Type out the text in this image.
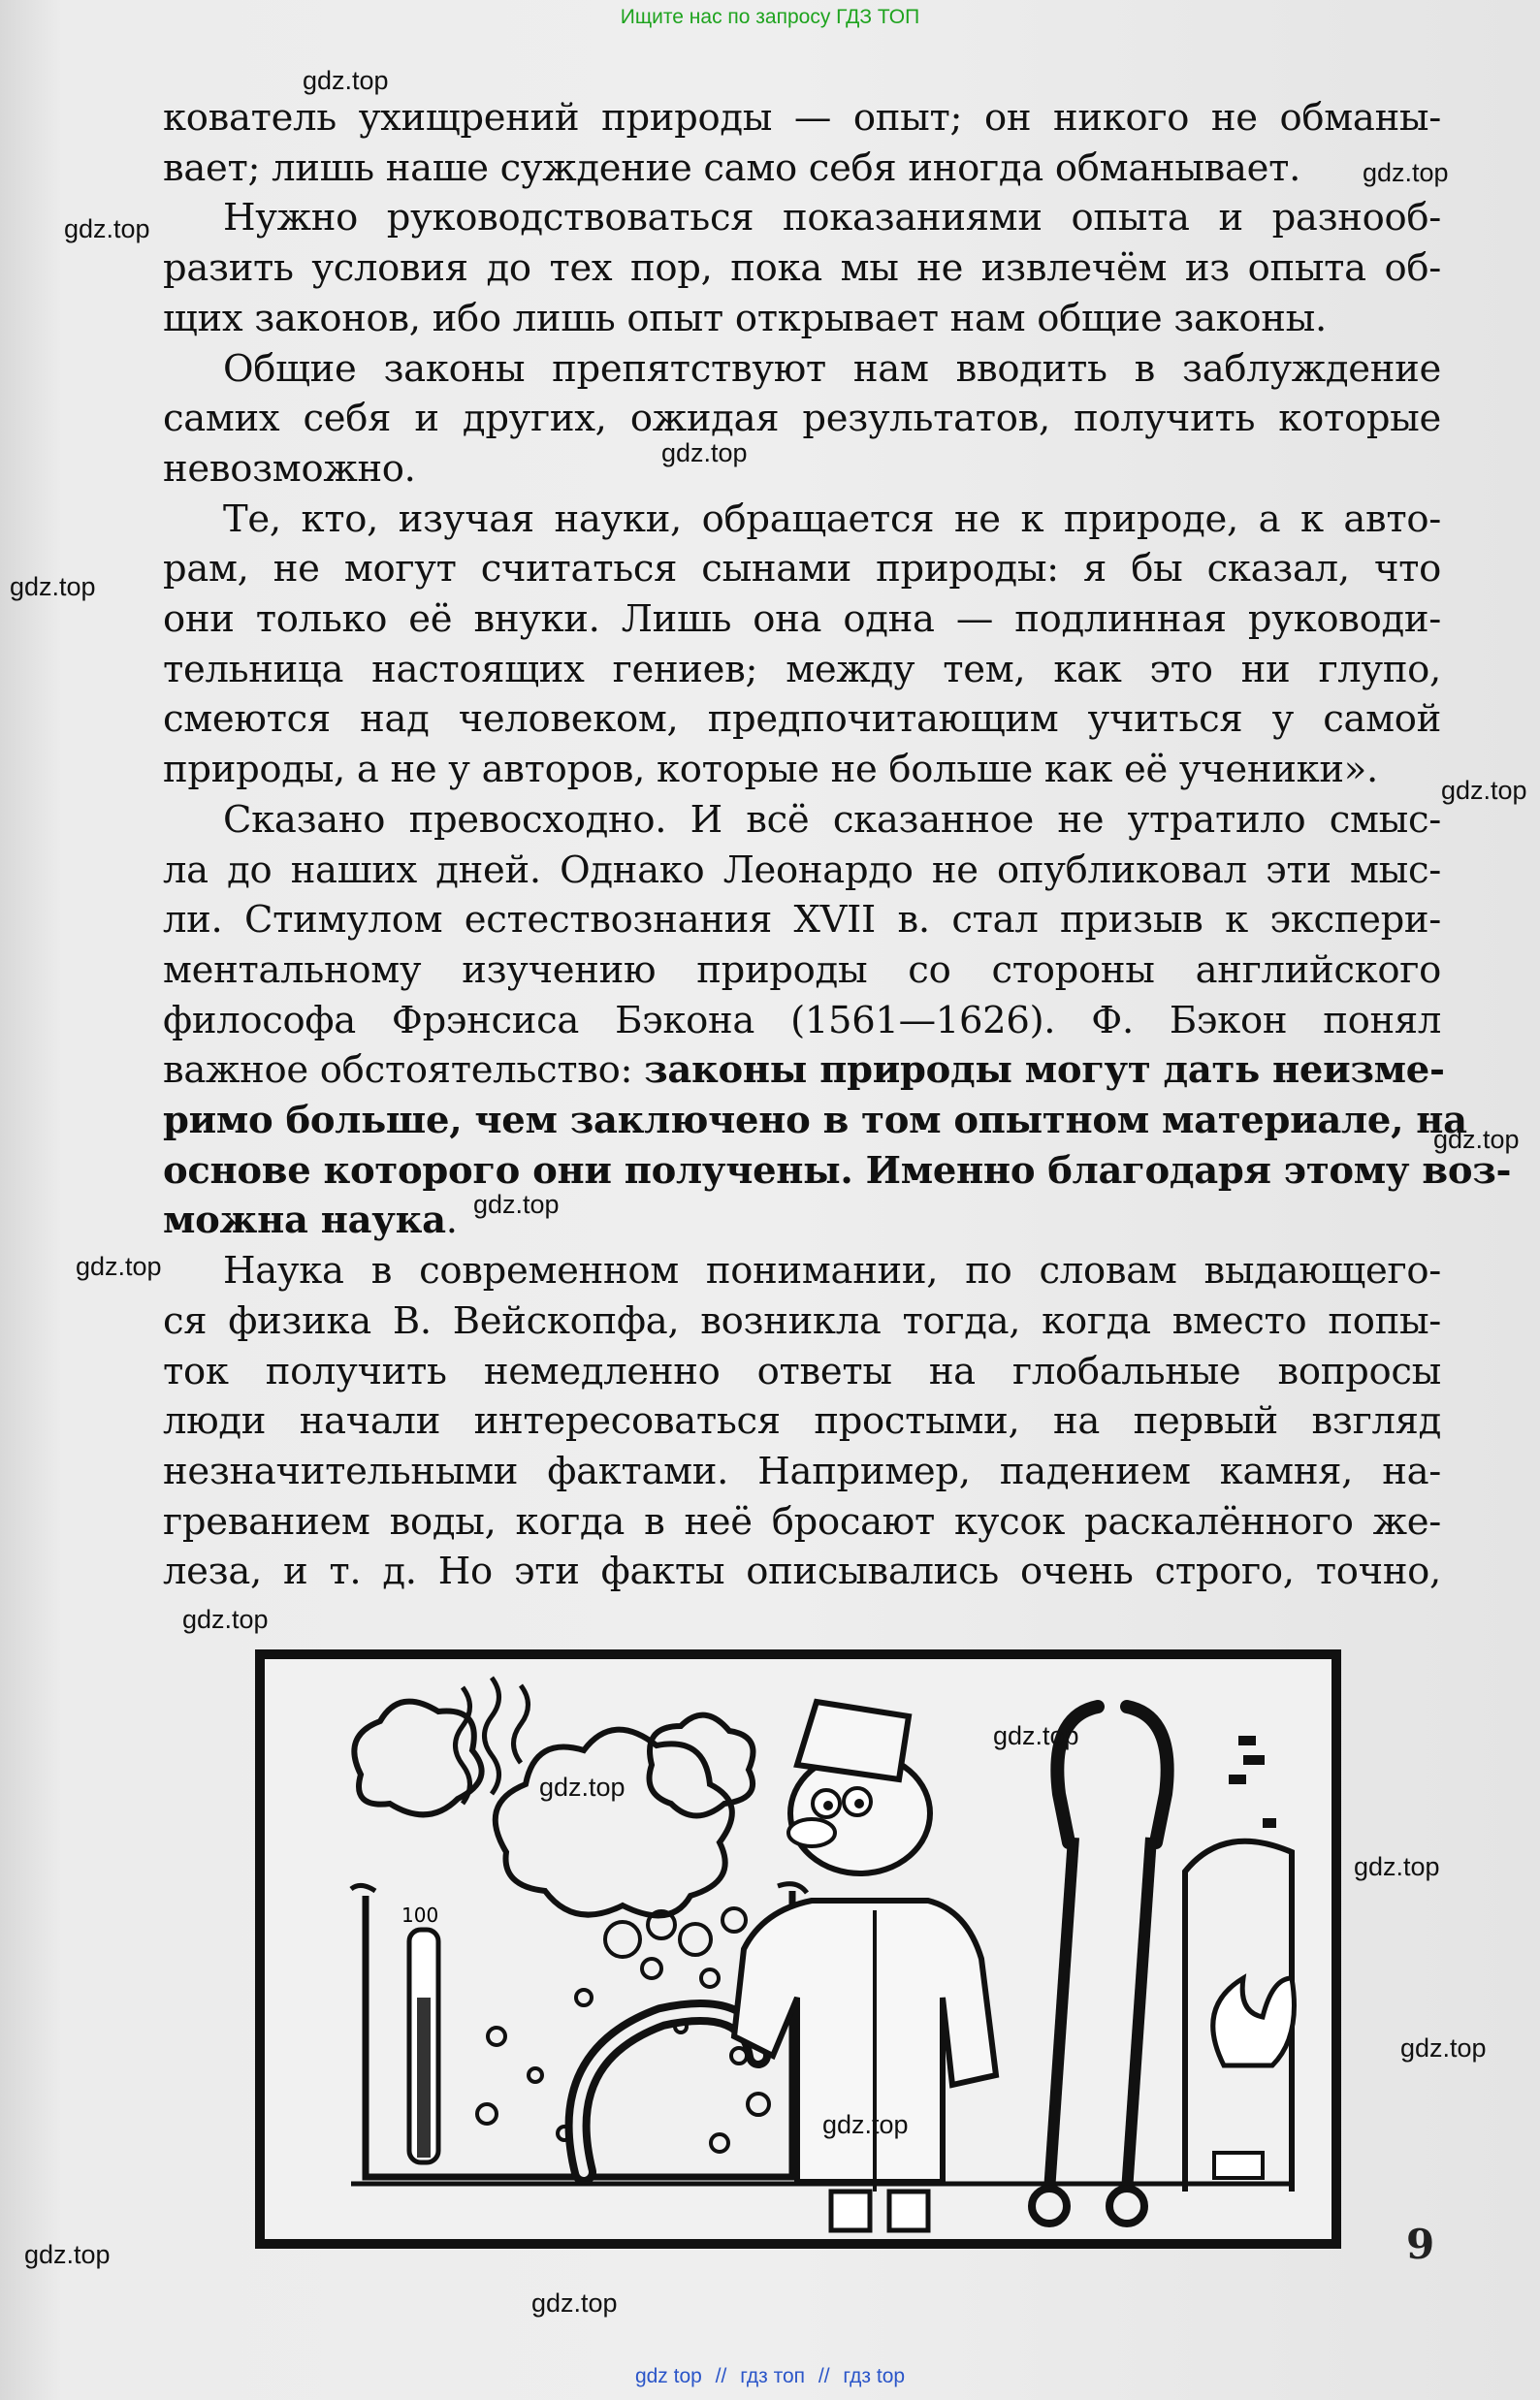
Ищите нас по запросу ГДЗ ТОП
кователь ухищрений природы — опыт; он никого не обманы-
вает; лишь наше суждение само себя иногда обманывает.
Нужно руководствоваться показаниями опыта и разнооб-
разить условия до тех пор, пока мы не извлечём из опыта об-
щих законов, ибо лишь опыт открывает нам общие законы.
Общие законы препятствуют нам вводить в заблуждение
самих себя и других, ожидая результатов, получить которые
невозможно.
Те, кто, изучая науки, обращается не к природе, а к авто-
рам, не могут считаться сынами природы: я бы сказал, что
они только её внуки. Лишь она одна — подлинная руководи-
тельница настоящих гениев; между тем, как это ни глупо,
смеются над человеком, предпочитающим учиться у самой
природы, а не у авторов, которые не больше как её ученики».
Сказано превосходно. И всё сказанное не утратило смыс-
ла до наших дней. Однако Леонардо не опубликовал эти мыс-
ли. Стимулом естествознания XVII в. стал призыв к экспери-
ментальному изучению природы со стороны английского
философа Фрэнсиса Бэкона (1561—1626). Ф. Бэкон понял
важное обстоятельство: законы природы могут дать неизме-
римо больше, чем заключено в том опытном материале, на
основе которого они получены. Именно благодаря этому воз-
можна наука.
Наука в современном понимании, по словам выдающего-
ся физика В. Вейскопфа, возникла тогда, когда вместо попы-
ток получить немедленно ответы на глобальные вопросы
люди начали интересоваться простыми, на первый взгляд
незначительными фактами. Например, падением камня, на-
греванием воды, когда в неё бросают кусок раскалённого же-
леза, и т. д. Но эти факты описывались очень строго, точно,
100
9
gdz top // гдз топ // гдз top
gdz.top
gdz.top
gdz.top
gdz.top
gdz.top
gdz.top
gdz.top
gdz.top
gdz.top
gdz.top
gdz.top
gdz.top
gdz.top
gdz.top
gdz.top
gdz.top
gdz.top
